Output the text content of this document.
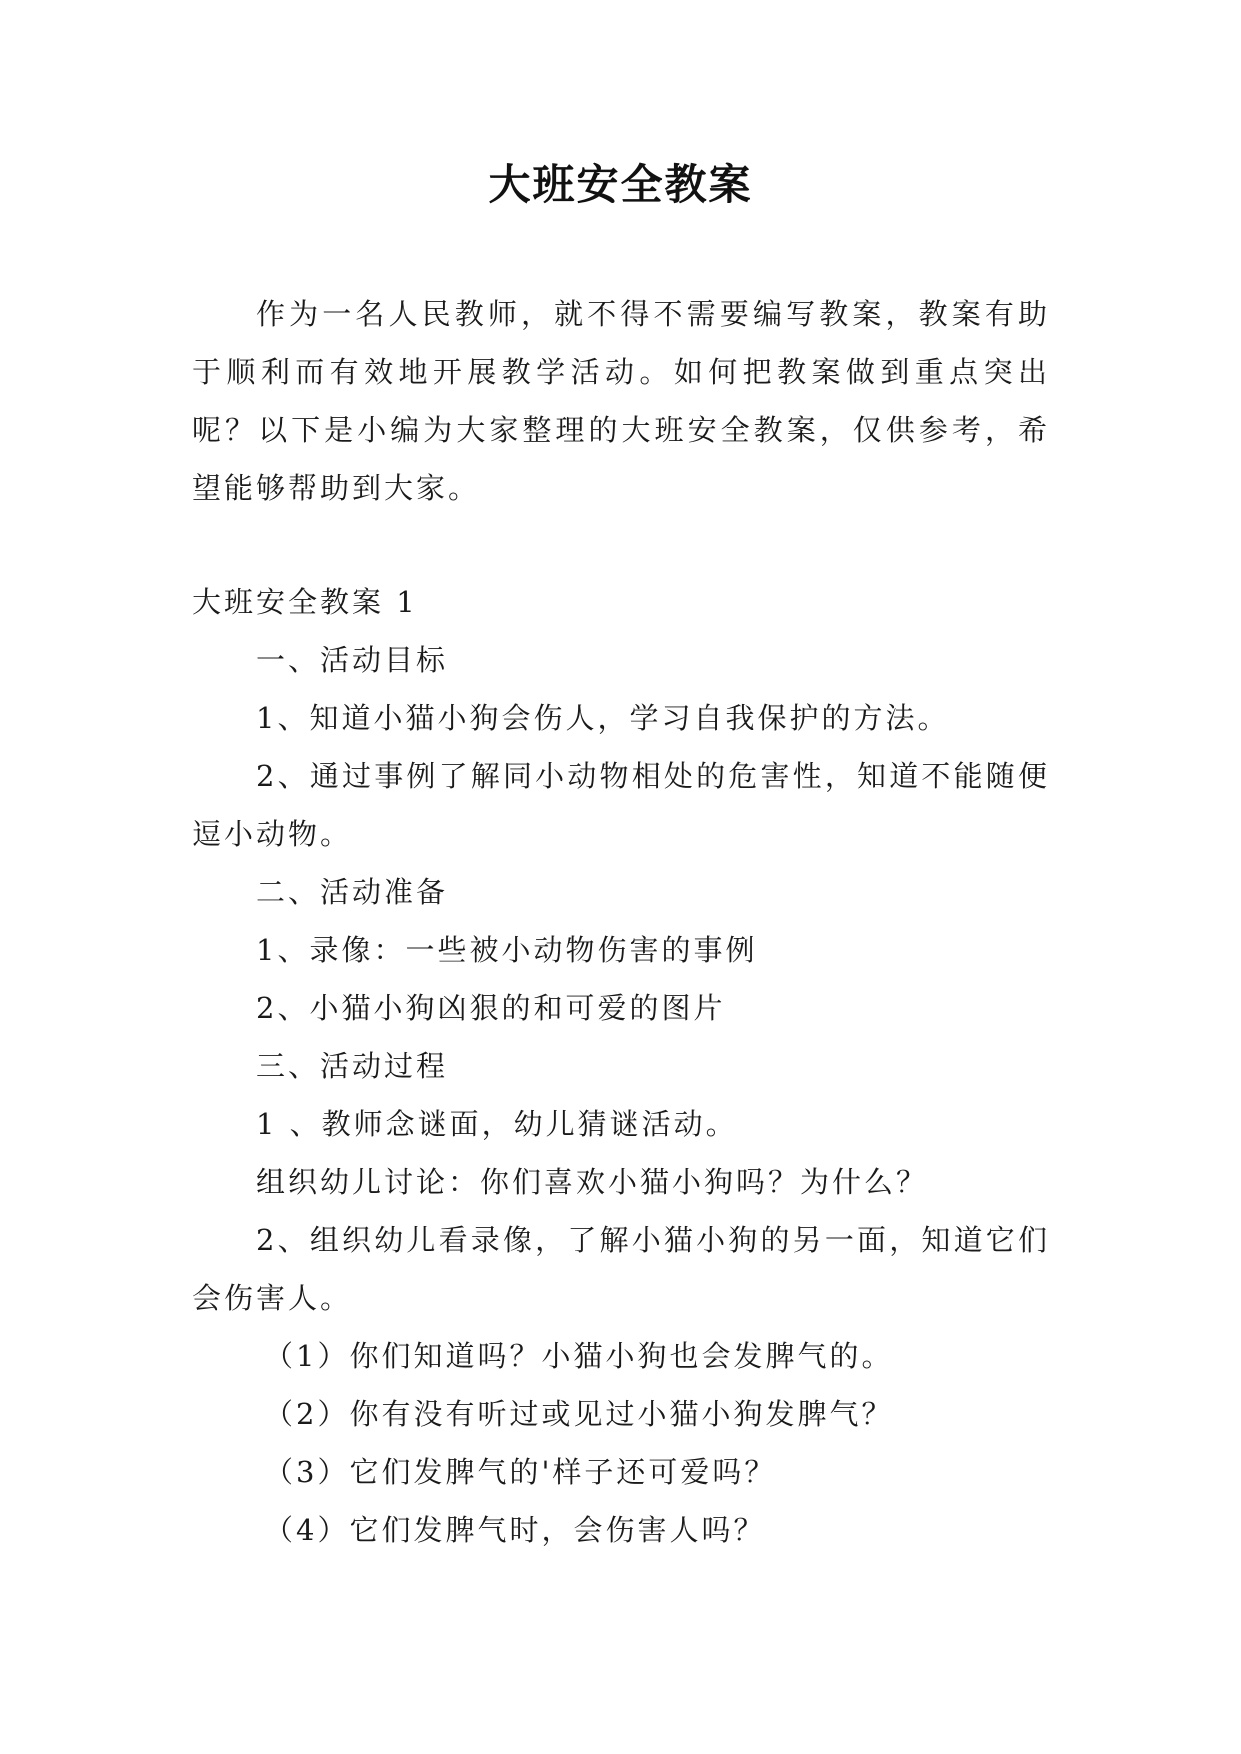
大班安全教案

作为一名人民教师，就不得不需要编写教案，教案有助于顺利而有效地开展教学活动。如何把教案做到重点突出呢？以下是小编为大家整理的大班安全教案，仅供参考，希望能够帮助到大家。

大班安全教案 1

一、活动目标

1、知道小猫小狗会伤人，学习自我保护的方法。

2、通过事例了解同小动物相处的危害性，知道不能随便逗小动物。

二、活动准备

1、录像：一些被小动物伤害的事例

2、小猫小狗凶狠的和可爱的图片

三、活动过程

1 、教师念谜面，幼儿猜谜活动。

组织幼儿讨论：你们喜欢小猫小狗吗？为什么？

2、组织幼儿看录像，了解小猫小狗的另一面，知道它们会伤害人。

（1）你们知道吗？小猫小狗也会发脾气的。

（2）你有没有听过或见过小猫小狗发脾气？

（3）它们发脾气的'样子还可爱吗？

（4）它们发脾气时，会伤害人吗？
